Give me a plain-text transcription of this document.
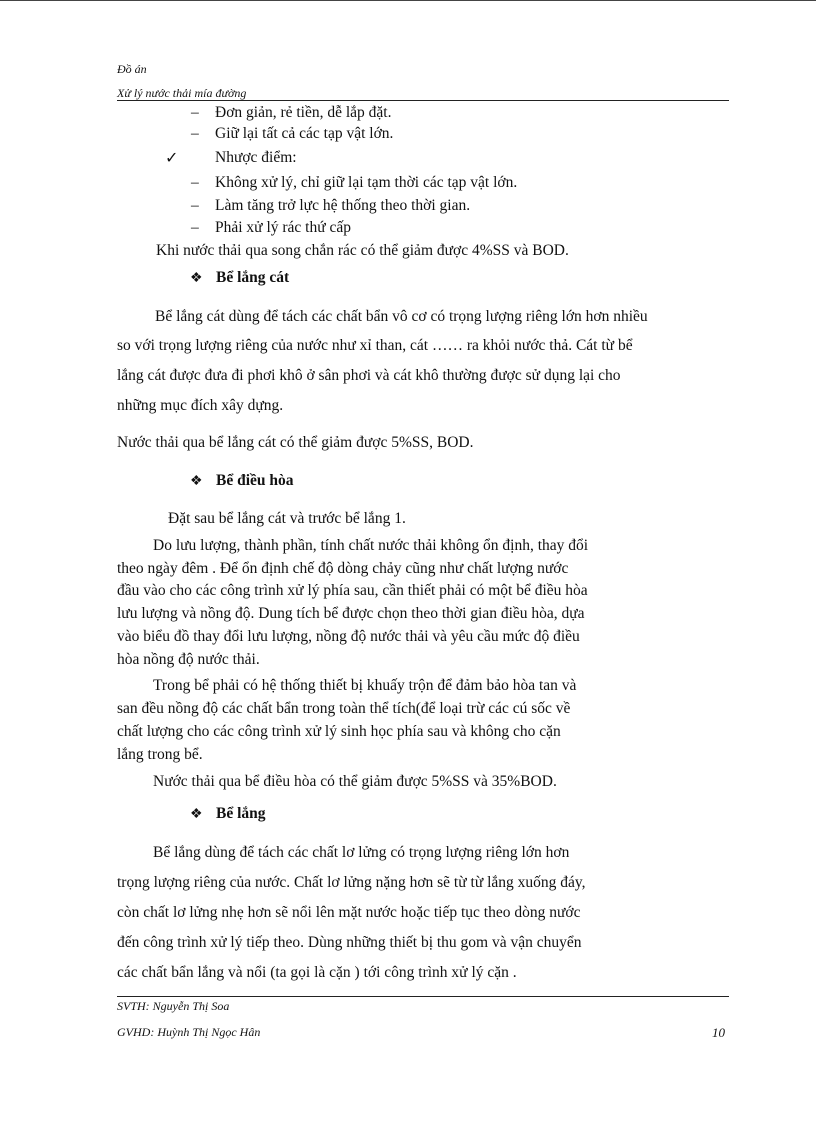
Đồ án
Xử lý nước thải mía đường
– Đơn giản, rẻ tiền, dễ lắp đặt.
– Giữ lại tất cả các tạp vật lớn.
✓ Nhược điểm:
– Không xử lý, chỉ giữ lại tạm thời các tạp vật lớn.
– Làm tăng trở lực hệ thống theo thời gian.
– Phải xử lý rác thứ cấp
Khi nước thải qua song chắn rác có thể giảm được 4%SS và BOD.
❖ Bể lắng cát
Bể lắng cát dùng để tách các chất bẩn vô cơ có trọng lượng riêng lớn hơn nhiều
so với trọng lượng riêng của nước như xỉ than, cát …… ra khỏi nước thả. Cát từ bể
lắng cát được đưa đi phơi khô ở sân phơi và cát khô thường được sử dụng lại cho
những mục đích xây dựng.
Nước thải qua bể lắng cát có thể giảm được 5%SS, BOD.
❖ Bể điều hòa
Đặt sau bể lắng cát và trước bể lắng 1.
Do lưu lượng, thành phần, tính chất nước thải không ổn định, thay đổi
theo ngày đêm . Để ổn định chế độ dòng chảy cũng như chất lượng nước
đầu vào cho các công trình xử lý phía sau, cần thiết phải có một bể điều hòa
lưu lượng và nồng độ. Dung tích bể được chọn theo thời gian điều hòa, dựa
vào biểu đồ thay đổi lưu lượng, nồng độ nước thải và yêu cầu mức độ điều
hòa nồng độ nước thải.
Trong bể phải có hệ thống thiết bị khuấy trộn để đảm bảo hòa tan và
san đều nồng độ các chất bẩn trong toàn thể tích(để loại trừ các cú sốc về
chất lượng cho các công trình xử lý sinh học phía sau và không cho cặn
lắng trong bể.
Nước thải qua bể điều hòa có thể giảm được 5%SS và 35%BOD.
❖ Bể lắng
Bể lắng dùng để tách các chất lơ lửng có trọng lượng riêng lớn hơn
trọng lượng riêng của nước. Chất lơ lửng nặng hơn sẽ từ từ lắng xuống đáy,
còn chất lơ lửng nhẹ hơn sẽ nổi lên mặt nước hoặc tiếp tục theo dòng nước
đến công trình xử lý tiếp theo. Dùng những thiết bị thu gom và vận chuyển
các chất bẩn lắng và nổi (ta gọi là cặn ) tới công trình xử lý cặn .
SVTH: Nguyễn Thị Soa
GVHD: Huỳnh Thị Ngọc Hân	10
